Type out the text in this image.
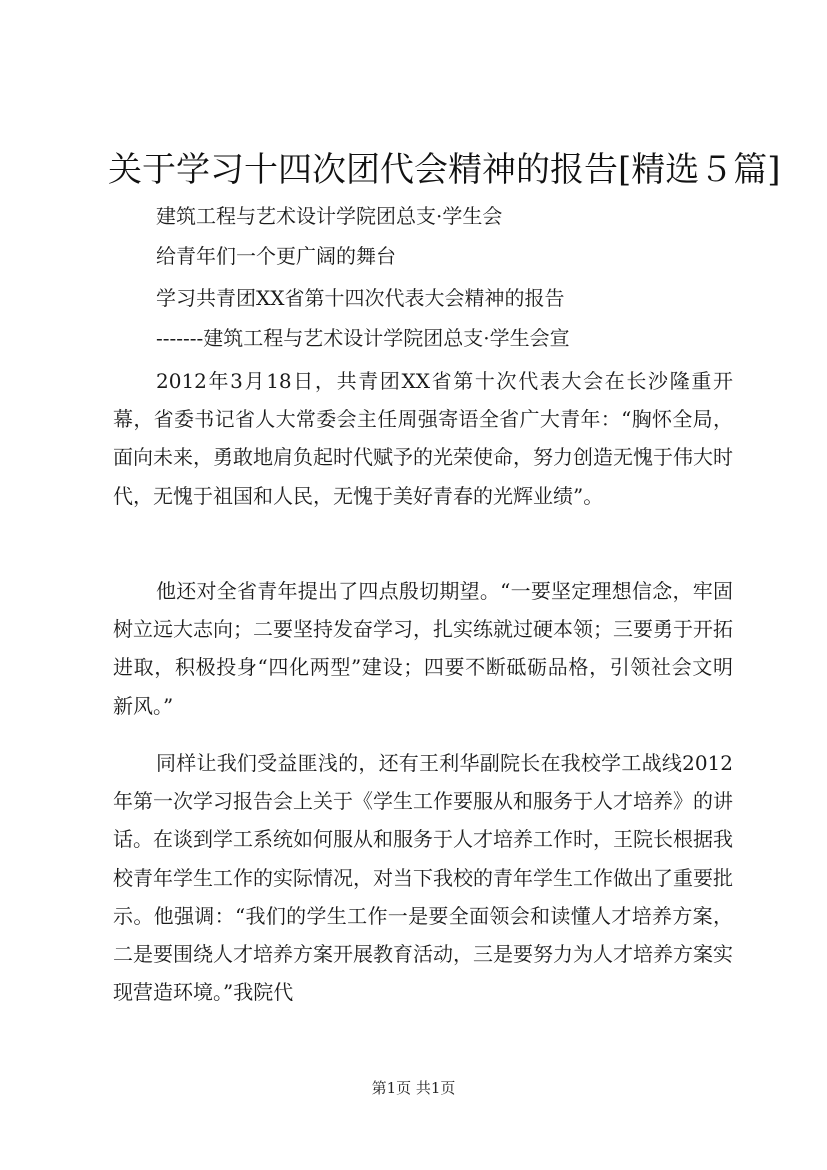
关于学习十四次团代会精神的报告[精选５篇]
建筑工程与艺术设计学院团总支·学生会
给青年们一个更广阔的舞台
学习共青团XX省第十四次代表大会精神的报告
-------建筑工程与艺术设计学院团总支·学生会宣

2012年3月18日，共青团XX省第十次代表大会在长沙隆重开幕，省委书记省人大常委会主任周强寄语全省广大青年：“胸怀全局，面向未来，勇敢地肩负起时代赋予的光荣使命，努力创造无愧于伟大时代，无愧于祖国和人民，无愧于美好青春的光辉业绩”。

他还对全省青年提出了四点殷切期望。“一要坚定理想信念，牢固树立远大志向；二要坚持发奋学习，扎实练就过硬本领；三要勇于开拓进取，积极投身“四化两型”建设；四要不断砥砺品格，引领社会文明新风。”

同样让我们受益匪浅的，还有王利华副院长在我校学工战线2012年第一次学习报告会上关于《学生工作要服从和服务于人才培养》的讲话。在谈到学工系统如何服从和服务于人才培养工作时，王院长根据我校青年学生工作的实际情况，对当下我校的青年学生工作做出了重要批示。他强调：“我们的学生工作一是要全面领会和读懂人才培养方案，二是要围绕人才培养方案开展教育活动，三是要努力为人才培养方案实现营造环境。”我院代

第1页 共1页
